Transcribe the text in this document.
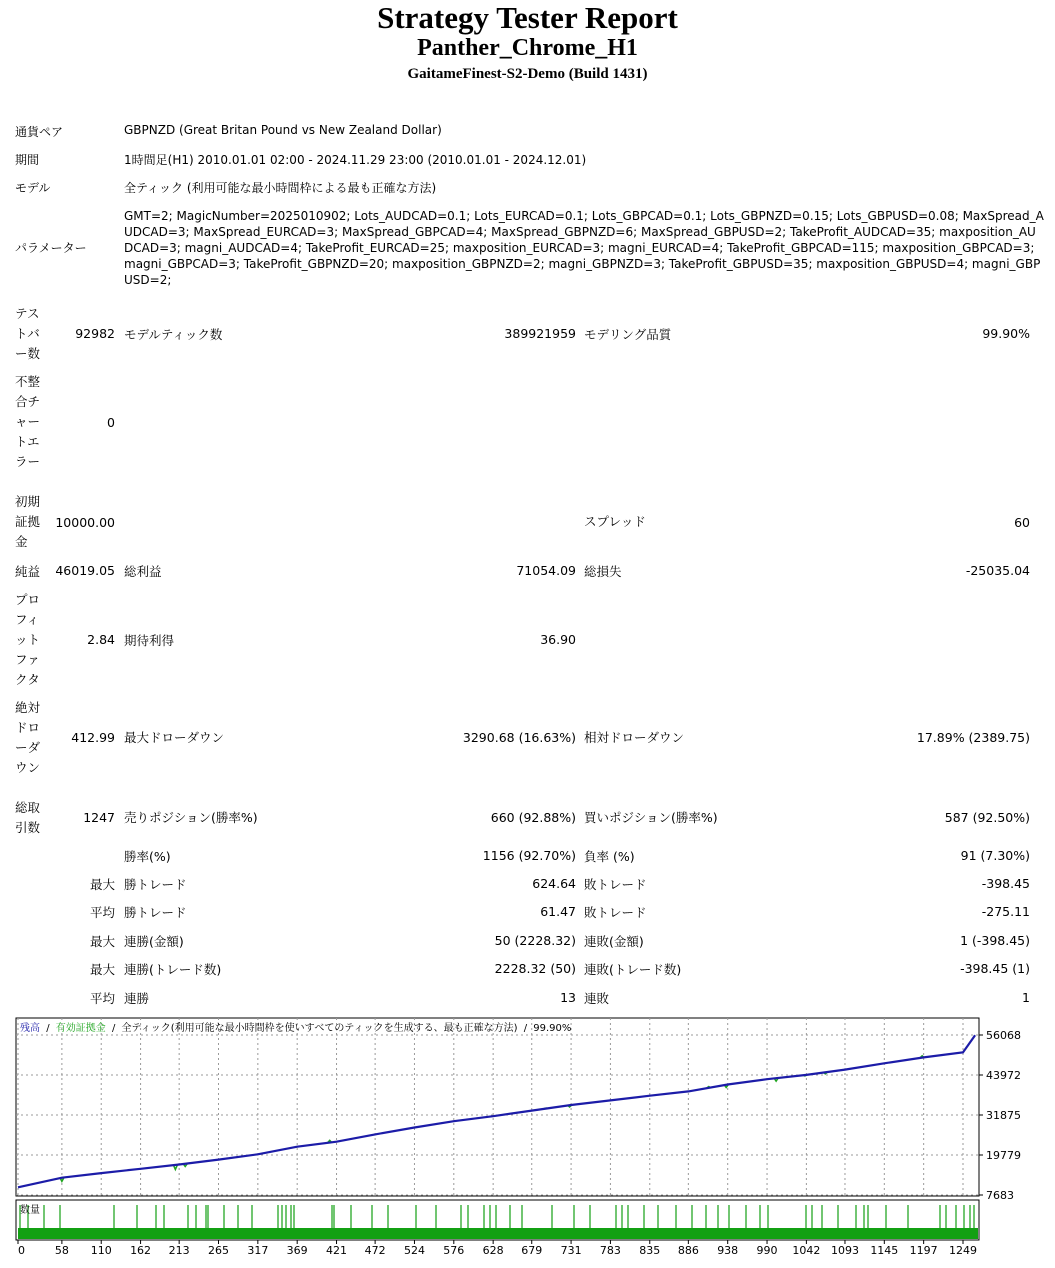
Strategy Tester Report
Panther_Chrome_H1
GaitameFinest-S2-Demo (Build 1431)
通貨ペア	GBPNZD (Great Britan Pound vs New Zealand Dollar)
期間	1時間足(H1) 2010.01.01 02:00 - 2024.11.29 23:00 (2010.01.01 - 2024.12.01)
モデル	全ティック (利用可能な最小時間枠による最も正確な方法)
パラメーター
GMT=2; MagicNumber=2025010902; Lots_AUDCAD=0.1; Lots_EURCAD=0.1; Lots_GBPCAD=0.1; Lots_GBPNZD=0.15; Lots_GBPUSD=0.08; MaxSpread_AUDCAD=3; MaxSpread_EURCAD=3; MaxSpread_GBPCAD=4; MaxSpread_GBPNZD=6; MaxSpread_GBPUSD=2; TakeProfit_AUDCAD=35; maxposition_AUDCAD=3; magni_AUDCAD=4; TakeProfit_EURCAD=25; maxposition_EURCAD=3; magni_EURCAD=4; TakeProfit_GBPCAD=115; maxposition_GBPCAD=3; magni_GBPCAD=3; TakeProfit_GBPNZD=20; maxposition_GBPNZD=2; magni_GBPNZD=3; TakeProfit_GBPUSD=35; maxposition_GBPUSD=4; magni_GBPUSD=2;
テストバー数
92982 モデルティック数	389921959 モデリング品質	99.90%
不整合チャートエラー
0
初期証拠金
10000.00	スプレッド	60
純益	46019.05 総利益	71054.09 総損失	-25035.04
プロフィットファクタ
2.84 期待利得	36.90
絶対ドローダウン
412.99 最大ドローダウン	3290.68 (16.63%) 相対ドローダウン	17.89% (2389.75)
総取引数
1247 売りポジション(勝率%)	660 (92.88%) 買いポジション(勝率%)	587 (92.50%)
勝率(%)	1156 (92.70%) 負率 (%)	91 (7.30%)
最大 勝トレード	624.64 敗トレード	-398.45
平均 勝トレード	61.47 敗トレード	-275.11
最大 連勝(金額)	50 (2228.32) 連敗(金額)	1 (-398.45)
最大 連勝(トレード数)	2228.32 (50) 連敗(トレード数)	-398.45 (1)
平均 連勝	13 連敗	1
7683
19779
31875
43972
56068
0	58 110 162 213 265 317 369 421 472 524 576 628 679 731 783 835 886 938 990 1042 1093 1145 1197 1249
残高 / 有効証拠金 / 全ティック(利用可能な最小時間枠を使いすべてのティックを生成する、最も正確な方法) / 99.90%
数量
